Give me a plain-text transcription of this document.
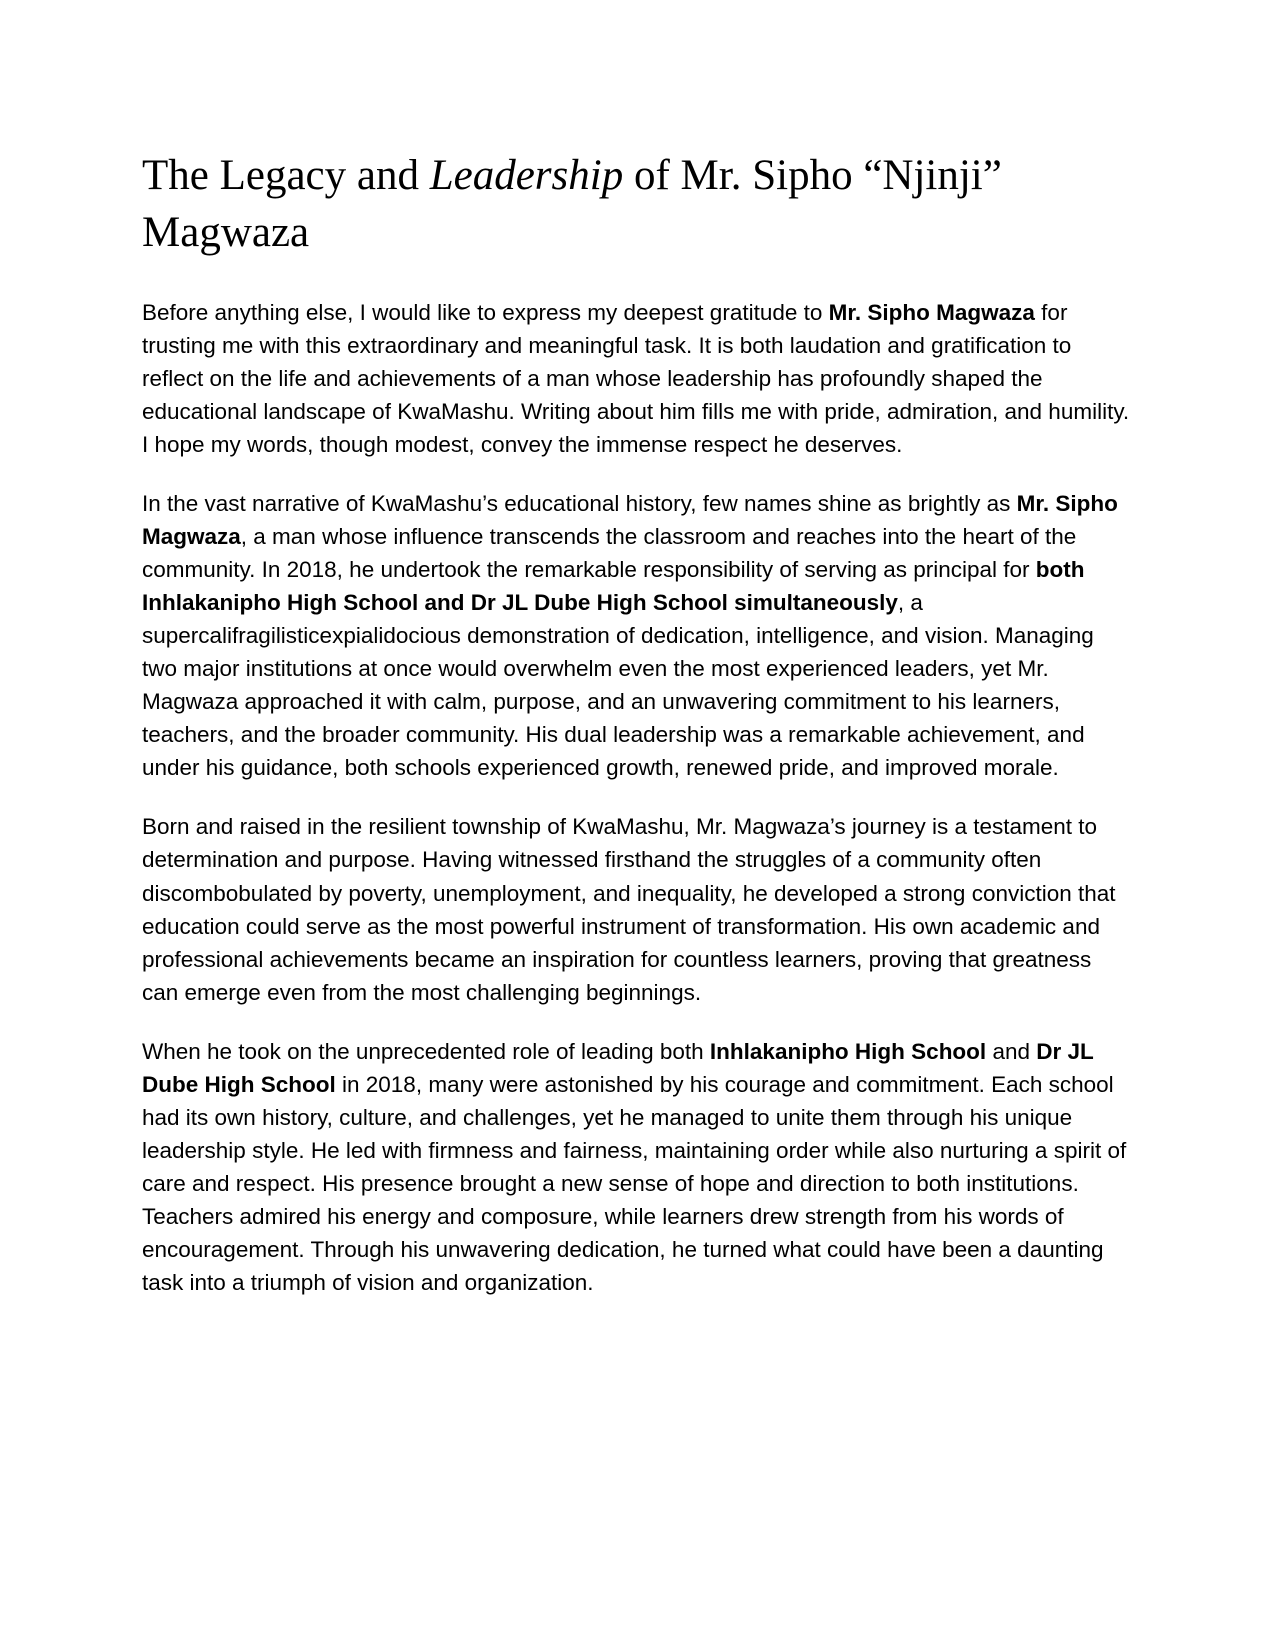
The Legacy and Leadership of Mr. Sipho “Njinji” Magwaza

Before anything else, I would like to express my deepest gratitude to Mr. Sipho Magwaza for trusting me with this extraordinary and meaningful task. It is both laudation and gratification to reflect on the life and achievements of a man whose leadership has profoundly shaped the educational landscape of KwaMashu. Writing about him fills me with pride, admiration, and humility. I hope my words, though modest, convey the immense respect he deserves.

In the vast narrative of KwaMashu’s educational history, few names shine as brightly as Mr. Sipho Magwaza, a man whose influence transcends the classroom and reaches into the heart of the community. In 2018, he undertook the remarkable responsibility of serving as principal for both Inhlakanipho High School and Dr JL Dube High School simultaneously, a supercalifragilisticexpialidocious demonstration of dedication, intelligence, and vision. Managing two major institutions at once would overwhelm even the most experienced leaders, yet Mr. Magwaza approached it with calm, purpose, and an unwavering commitment to his learners, teachers, and the broader community. His dual leadership was a remarkable achievement, and under his guidance, both schools experienced growth, renewed pride, and improved morale.

Born and raised in the resilient township of KwaMashu, Mr. Magwaza’s journey is a testament to determination and purpose. Having witnessed firsthand the struggles of a community often discombobulated by poverty, unemployment, and inequality, he developed a strong conviction that education could serve as the most powerful instrument of transformation. His own academic and professional achievements became an inspiration for countless learners, proving that greatness can emerge even from the most challenging beginnings.

When he took on the unprecedented role of leading both Inhlakanipho High School and Dr JL Dube High School in 2018, many were astonished by his courage and commitment. Each school had its own history, culture, and challenges, yet he managed to unite them through his unique leadership style. He led with firmness and fairness, maintaining order while also nurturing a spirit of care and respect. His presence brought a new sense of hope and direction to both institutions. Teachers admired his energy and composure, while learners drew strength from his words of encouragement. Through his unwavering dedication, he turned what could have been a daunting task into a triumph of vision and organization.
